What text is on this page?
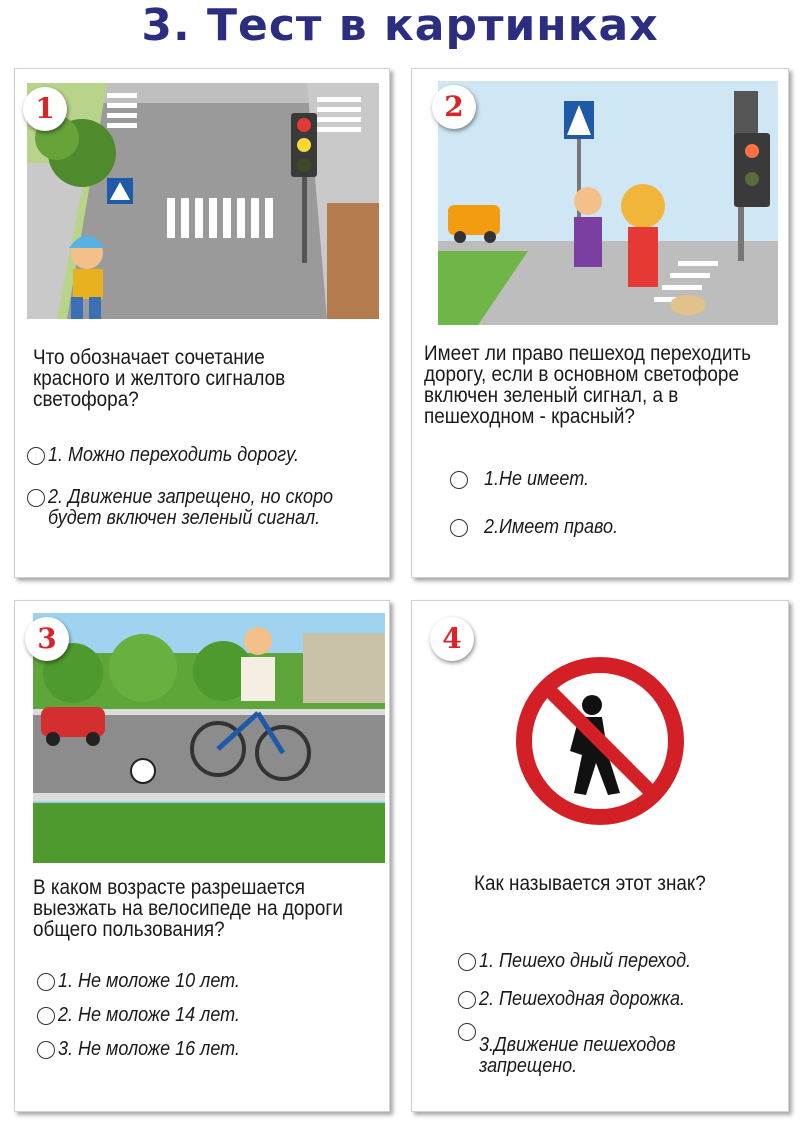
3. Тест в картинках
1
Что обозначает сочетание
красного и желтого сигналов
светофора?
1. Можно переходить дорогу.
2. Движение запрещено, но скоро
будет включен зеленый сигнал.
2
Имеет ли право пешеход переходить
дорогу, если в основном светофоре
включен зеленый сигнал, а в
пешеходном - красный?
1.Не имеет.
2.Имеет право.
3
В каком возрасте разрешается
выезжать на велосипеде на дороги
общего пользования?
1. Не моложе 10 лет.
2. Не моложе 14 лет.
3. Не моложе 16 лет.
4
Как называется этот знак?
1. Пешехо дный переход.
2. Пешеходная дорожка.
3.Движение пешеходов
запрещено.
